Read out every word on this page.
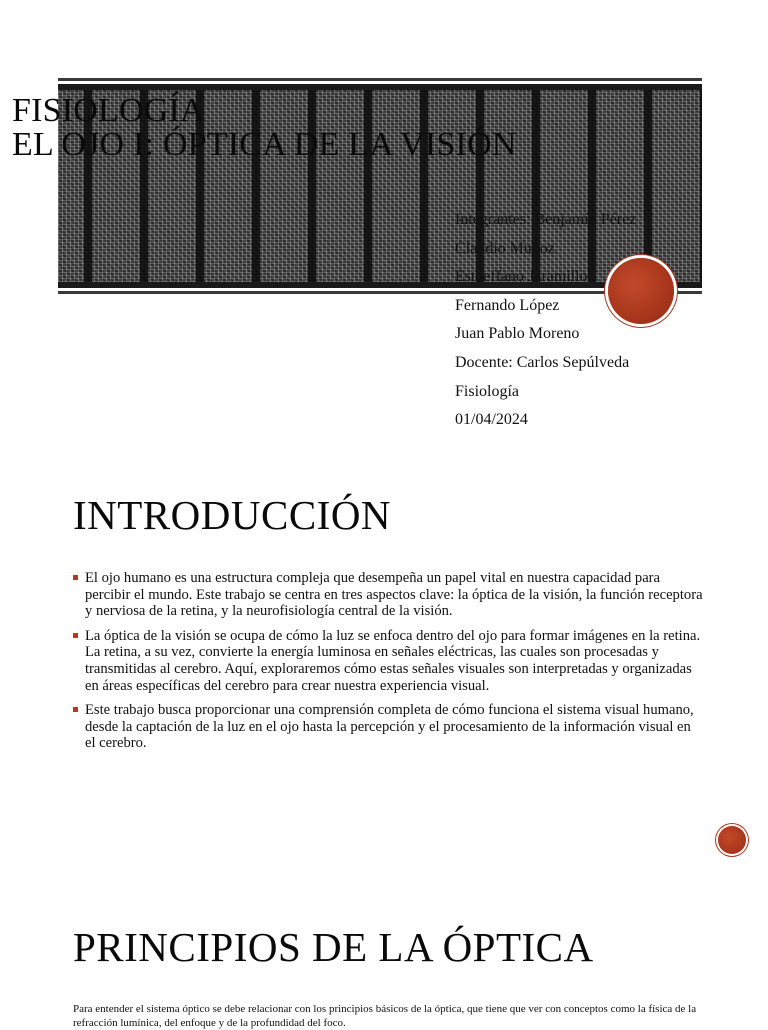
FISIOLOGÍA
EL OJO I: ÓPTICA DE LA VISIÓN
Integrantes: Benjamín Pérez
Claudio Muñoz
Estheffano Jaramillo
Fernando López
Juan Pablo Moreno
Docente: Carlos Sepúlveda
Fisiología
01/04/2024
INTRODUCCIÓN
El ojo humano es una estructura compleja que desempeña un papel vital en nuestra capacidad para percibir el mundo. Este trabajo se centra en tres aspectos clave: la óptica de la visión, la función receptora y nerviosa de la retina, y la neurofisiología central de la visión.
La óptica de la visión se ocupa de cómo la luz se enfoca dentro del ojo para formar imágenes en la retina. La retina, a su vez, convierte la energía luminosa en señales eléctricas, las cuales son procesadas y transmitidas al cerebro. Aquí, exploraremos cómo estas señales visuales son interpretadas y organizadas en áreas específicas del cerebro para crear nuestra experiencia visual.
Este trabajo busca proporcionar una comprensión completa de cómo funciona el sistema visual humano, desde la captación de la luz en el ojo hasta la percepción y el procesamiento de la información visual en el cerebro.
PRINCIPIOS DE LA ÓPTICA

Para entender el sistema óptico se debe relacionar con los principios básicos de la óptica, que tiene que ver con conceptos como la física de la refracción lumínica, del enfoque y de la profundidad del foco.
